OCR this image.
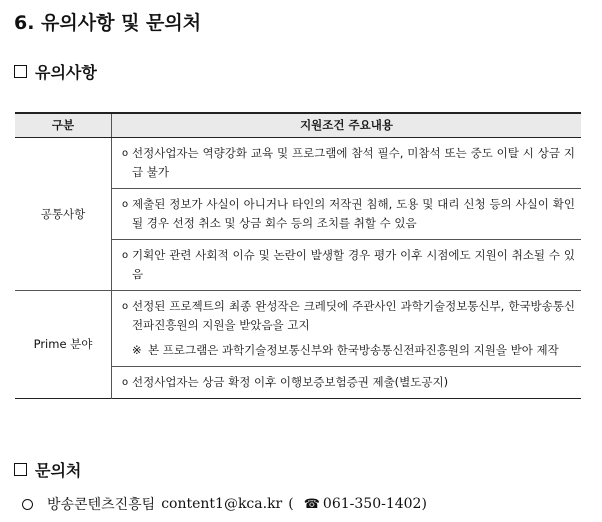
6. 유의사항 및 문의처
유의사항
구분	지원조건 주요내용
공통사항	o 선정사업자는 역량강화 교육 및 프로그램에 참석 필수, 미참석 또는 중도 이탈 시 상금 지급 불가

	o 제출된 정보가 사실이 아니거나 타인의 저작권 침해, 도용 및 대리 신청 등의 사실이 확인될 경우 선정 취소 및 상금 회수 등의 조치를 취할 수 있음

	o 기획안 관련 사회적 이슈 및 논란이 발생할 경우 평가 이후 시점에도 지원이 취소될 수 있음

Prime 분야	o 선정된 프로젝트의 최종 완성작은 크레딧에 주관사인 과학기술정보통신부, 한국방송통신전파진흥원의 지원을 받았음을 고지
※ 본 프로그램은 과학기술정보통신부와 한국방송통신전파진흥원의 지원을 받아 제작

	o 선정사업자는 상금 확정 이후 이행보증보험증권 제출(별도공지)
문의처
방송콘텐츠진흥팀 content1@kca.kr ( ☎ 061-350-1402)
